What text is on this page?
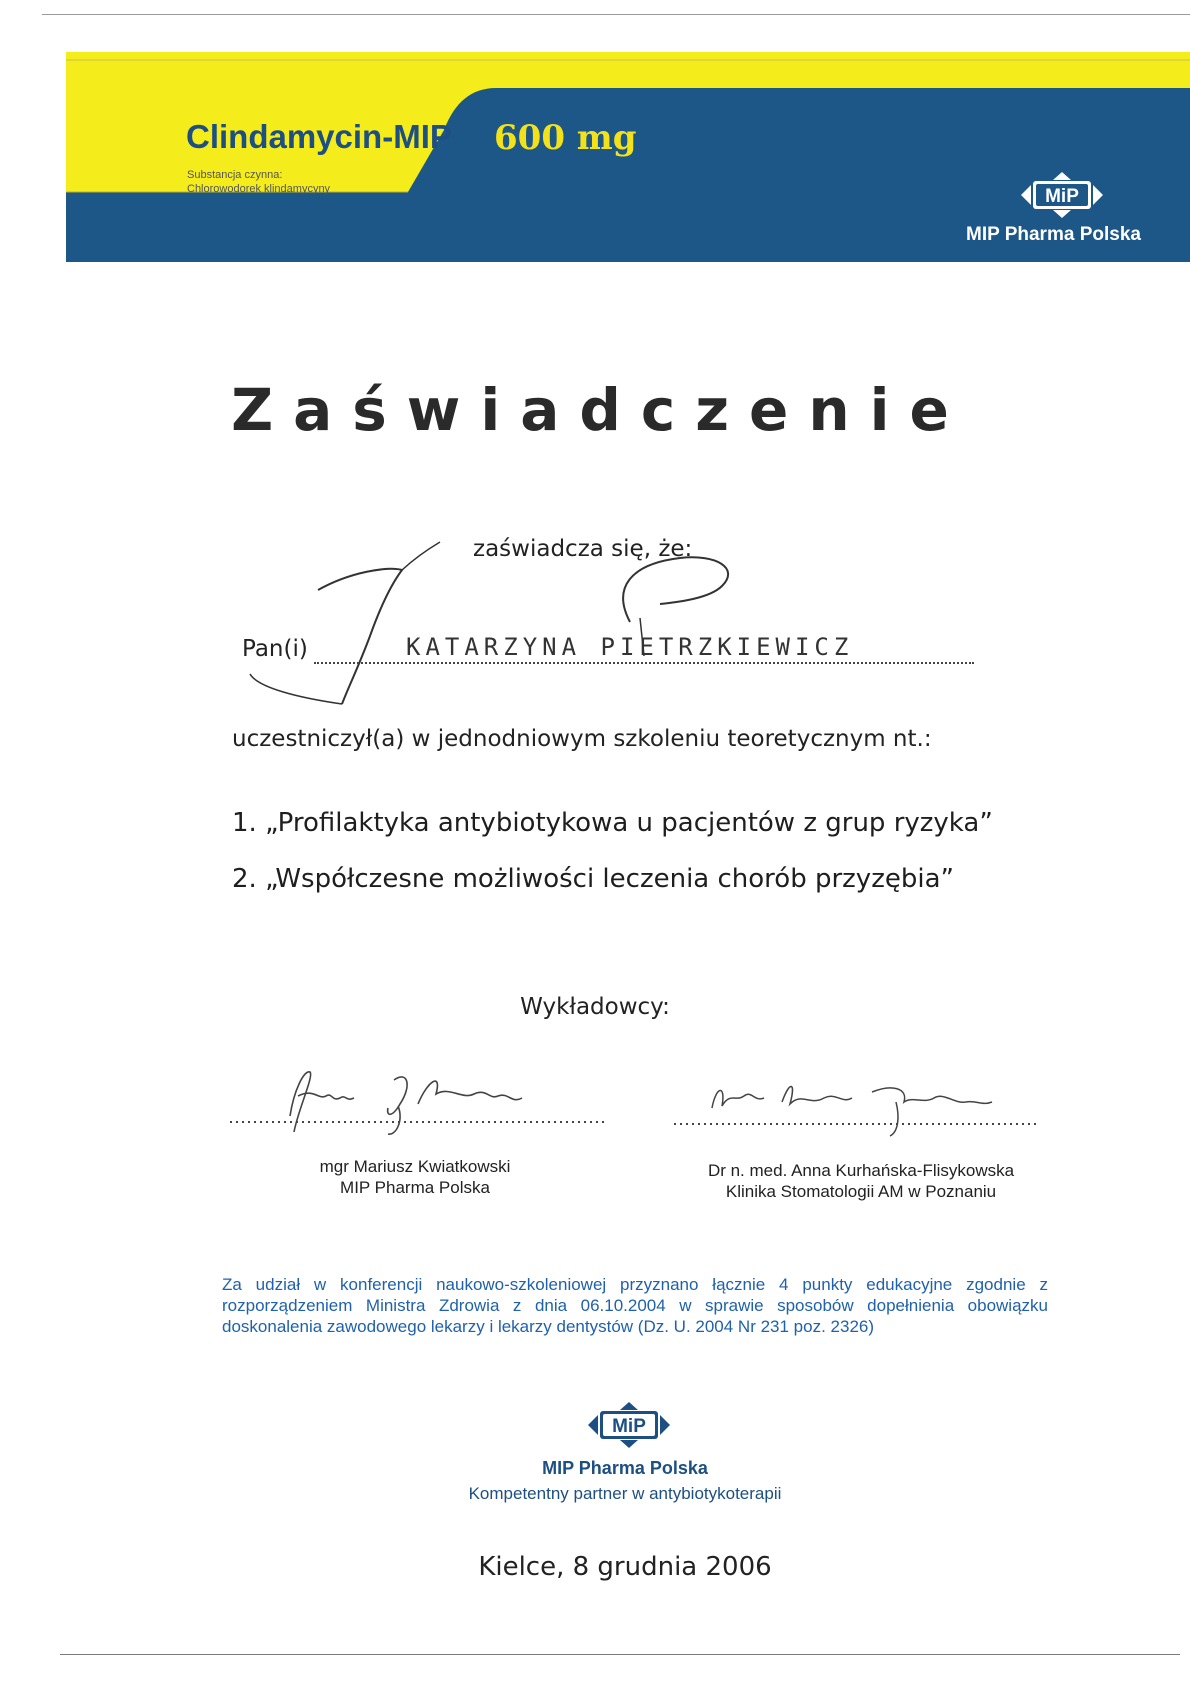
Clindamycin-MIP
Substancja czynna:
Chlorowodorek klindamycyny
600 mg
MiP
MIP Pharma Polska
Zaświadczenie
zaświadcza się, że:
Pan(i)	KATARZYNA PIETRZKIEWICZ
uczestniczył(a) w jednodniowym szkoleniu teoretycznym nt.:
1. „Profilaktyka antybiotykowa u pacjentów z grup ryzyka”
2. „Współczesne możliwości leczenia chorób przyzębia”
Wykładowcy:
mgr Mariusz Kwiatkowski
MIP Pharma Polska
Dr n. med. Anna Kurhańska-Flisykowska
Klinika Stomatologii AM w Poznaniu
Za udział w konferencji naukowo-szkoleniowej przyznano łącznie 4 punkty edukacyjne zgodnie z rozporządzeniem Ministra Zdrowia z dnia 06.10.2004 w sprawie sposobów dopełnienia obowiązku doskonalenia zawodowego lekarzy i lekarzy dentystów (Dz. U. 2004 Nr 231 poz. 2326)
MiP
MIP Pharma Polska
Kompetentny partner w antybiotykoterapii
Kielce, 8 grudnia 2006
